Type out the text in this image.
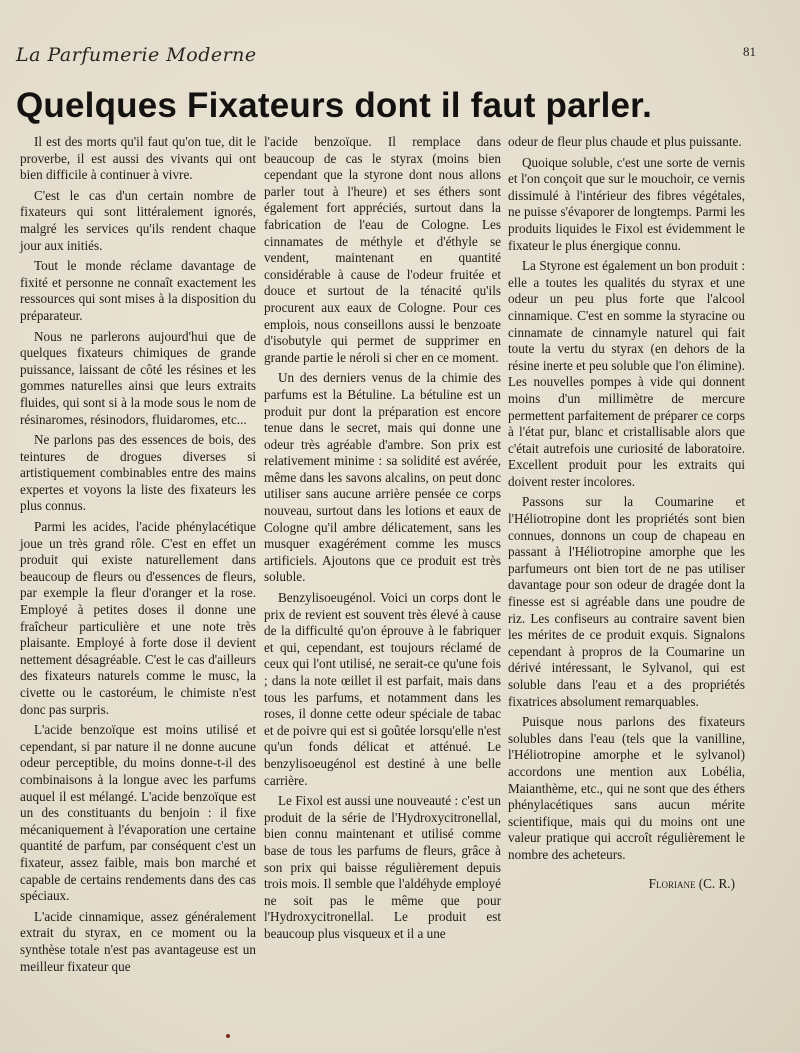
La Parfumerie Moderne	81
Quelques Fixateurs dont il faut parler.

Il est des morts qu'il faut qu'on tue, dit le proverbe, il est aussi des vivants qui ont bien difficile à continuer à vivre.

C'est le cas d'un certain nombre de fixateurs qui sont littéralement ignorés, malgré les services qu'ils rendent chaque jour aux initiés.

Tout le monde réclame davantage de fixité et personne ne connaît exactement les ressources qui sont mises à la disposition du préparateur.

Nous ne parlerons aujourd'hui que de quelques fixateurs chimiques de grande puissance, laissant de côté les résines et les gommes naturelles ainsi que leurs extraits fluides, qui sont si à la mode sous le nom de résinaromes, résinodors, fluidaromes, etc...

Ne parlons pas des essences de bois, des teintures de drogues diverses si artistiquement combinables entre des mains expertes et voyons la liste des fixateurs les plus connus.

Parmi les acides, l'acide phénylacétique joue un très grand rôle. C'est en effet un produit qui existe naturellement dans beaucoup de fleurs ou d'essences de fleurs, par exemple la fleur d'oranger et la rose. Employé à petites doses il donne une fraîcheur particulière et une note très plaisante. Employé à forte dose il devient nettement désagréable. C'est le cas d'ailleurs des fixateurs naturels comme le musc, la civette ou le castoréum, le chimiste n'est donc pas surpris.

L'acide benzoïque est moins utilisé et cependant, si par nature il ne donne aucune odeur perceptible, du moins donne-t-il des combinaisons à la longue avec les parfums auquel il est mélangé. L'acide benzoïque est un des constituants du benjoin : il fixe mécaniquement à l'évaporation une certaine quantité de parfum, par conséquent c'est un fixateur, assez faible, mais bon marché et capable de certains rendements dans des cas spéciaux.

L'acide cinnamique, assez généralement extrait du styrax, en ce moment ou la synthèse totale n'est pas avantageuse est un meilleur fixateur que

l'acide benzoïque. Il remplace dans beaucoup de cas le styrax (moins bien cependant que la styrone dont nous allons parler tout à l'heure) et ses éthers sont également fort appréciés, surtout dans la fabrication de l'eau de Cologne. Les cinnamates de méthyle et d'éthyle se vendent, maintenant en quantité considérable à cause de l'odeur fruitée et douce et surtout de la ténacité qu'ils procurent aux eaux de Cologne. Pour ces emplois, nous conseillons aussi le benzoate d'isobutyle qui permet de supprimer en grande partie le néroli si cher en ce moment.

Un des derniers venus de la chimie des parfums est la Bétuline. La bétuline est un produit pur dont la préparation est encore tenue dans le secret, mais qui donne une odeur très agréable d'ambre. Son prix est relativement minime : sa solidité est avérée, même dans les savons alcalins, on peut donc utiliser sans aucune arrière pensée ce corps nouveau, surtout dans les lotions et eaux de Cologne qu'il ambre délicatement, sans les musquer exagérément comme les muscs artificiels. Ajoutons que ce produit est très soluble.

Benzylisoeugénol. Voici un corps dont le prix de revient est souvent très élevé à cause de la difficulté qu'on éprouve à le fabriquer et qui, cependant, est toujours réclamé de ceux qui l'ont utilisé, ne serait-ce qu'une fois ; dans la note œillet il est parfait, mais dans tous les parfums, et notamment dans les roses, il donne cette odeur spéciale de tabac et de poivre qui est si goûtée lorsqu'elle n'est qu'un fonds délicat et atténué. Le benzylisoeugénol est destiné à une belle carrière.

Le Fixol est aussi une nouveauté : c'est un produit de la série de l'Hydroxycitronellal, bien connu maintenant et utilisé comme base de tous les parfums de fleurs, grâce à son prix qui baisse régulièrement depuis trois mois. Il semble que l'aldéhyde employé ne soit pas le même que pour l'Hydroxycitronellal. Le produit est beaucoup plus visqueux et il a une

odeur de fleur plus chaude et plus puissante.

Quoique soluble, c'est une sorte de vernis et l'on conçoit que sur le mouchoir, ce vernis dissimulé à l'intérieur des fibres végétales, ne puisse s'évaporer de longtemps. Parmi les produits liquides le Fixol est évidemment le fixateur le plus énergique connu.

La Styrone est également un bon produit : elle a toutes les qualités du styrax et une odeur un peu plus forte que l'alcool cinnamique. C'est en somme la styracine ou cinnamate de cinnamyle naturel qui fait toute la vertu du styrax (en dehors de la résine inerte et peu soluble que l'on élimine). Les nouvelles pompes à vide qui donnent moins d'un millimètre de mercure permettent parfaitement de préparer ce corps à l'état pur, blanc et cristallisable alors que c'était autrefois une curiosité de laboratoire. Excellent produit pour les extraits qui doivent rester incolores.

Passons sur la Coumarine et l'Héliotropine dont les propriétés sont bien connues, donnons un coup de chapeau en passant à l'Héliotropine amorphe que les parfumeurs ont bien tort de ne pas utiliser davantage pour son odeur de dragée dont la finesse est si agréable dans une poudre de riz. Les confiseurs au contraire savent bien les mérites de ce produit exquis. Signalons cependant à propros de la Coumarine un dérivé intéressant, le Sylvanol, qui est soluble dans l'eau et a des propriétés fixatrices absolument remarquables.

Puisque nous parlons des fixateurs solubles dans l'eau (tels que la vanilline, l'Héliotropine amorphe et le sylvanol) accordons une mention aux Lobélia, Maianthème, etc., qui ne sont que des éthers phénylacétiques sans aucun mérite scientifique, mais qui du moins ont une valeur pratique qui accroît régulièrement le nombre des acheteurs.

Floriane (C. R.)
